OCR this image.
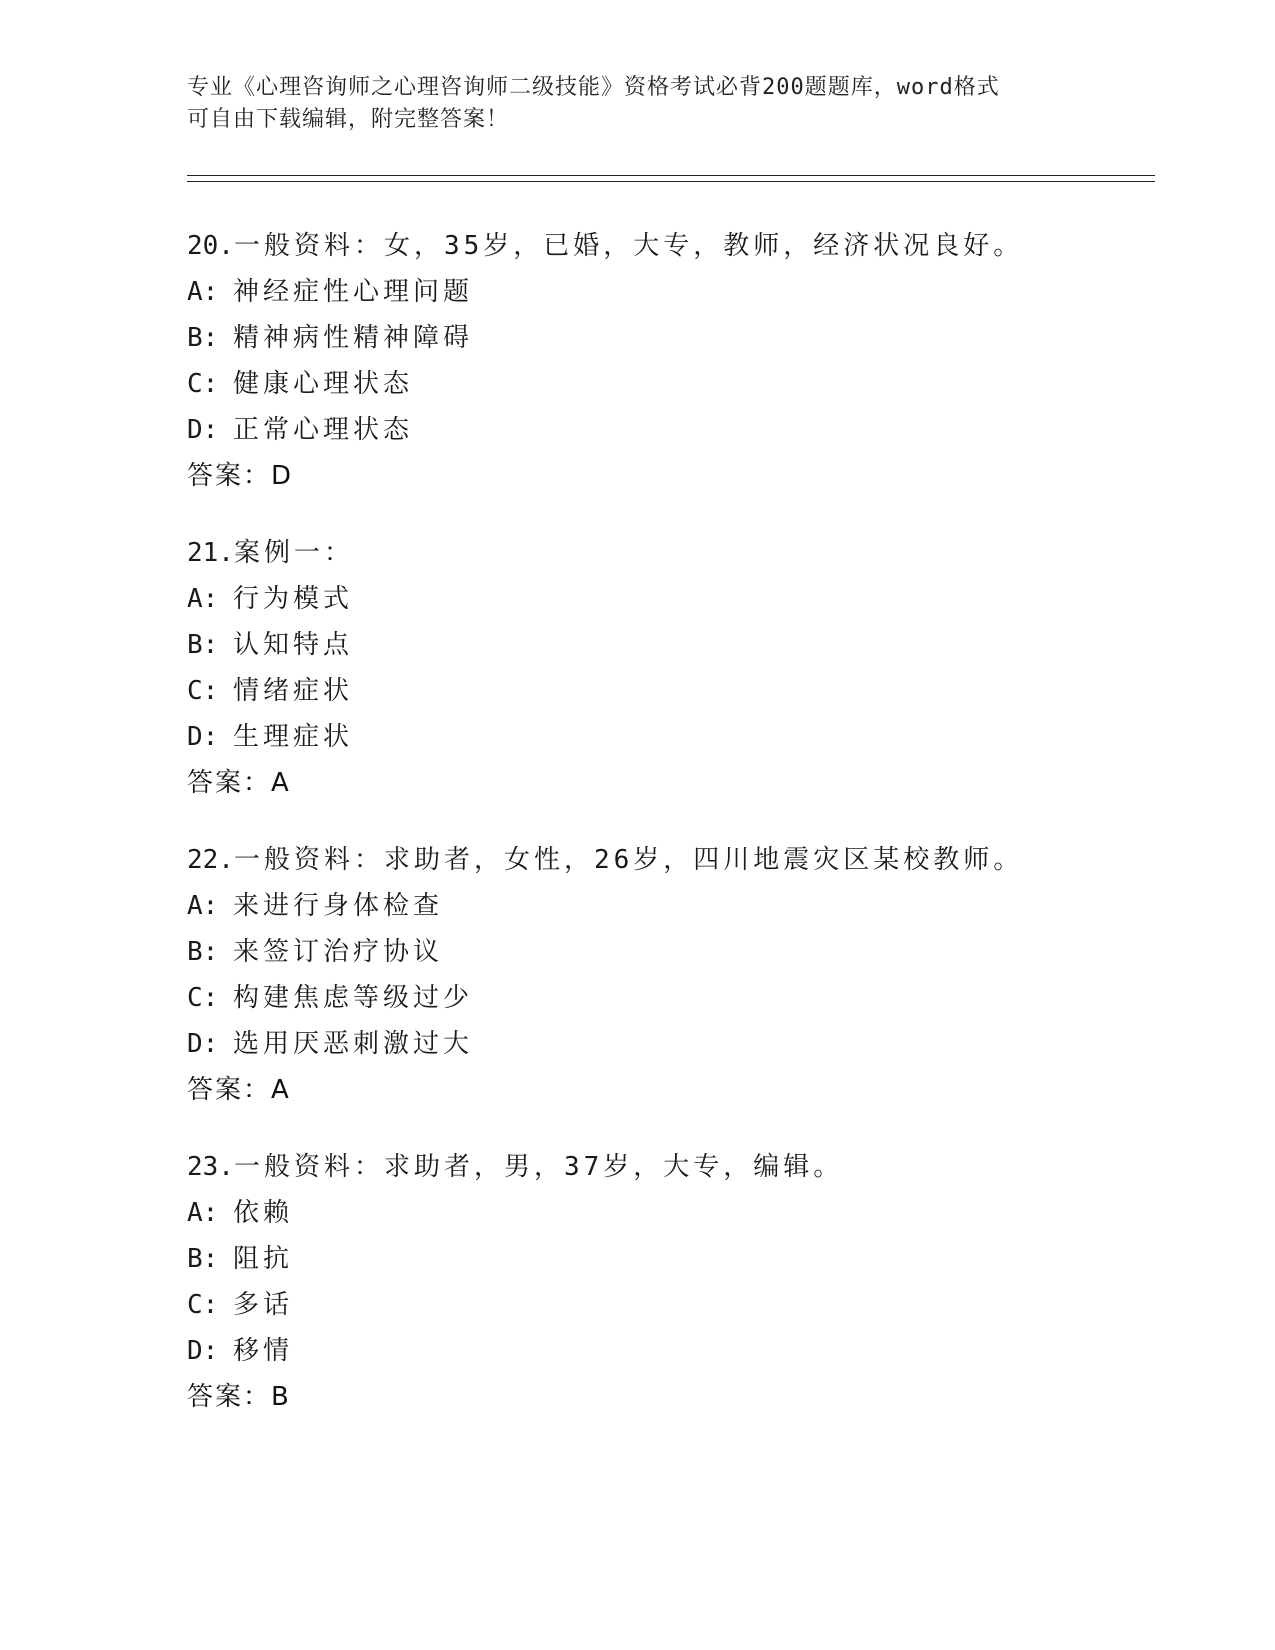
专业《心理咨询师之心理咨询师二级技能》资格考试必背200题题库，word格式
可自由下载编辑，附完整答案！
20.一般资料：女，35岁，已婚，大专，教师，经济状况良好。
A: 神经症性心理问题
B: 精神病性精神障碍
C: 健康心理状态
D: 正常心理状态
答案：D
21.案例一：
A: 行为模式
B: 认知特点
C: 情绪症状
D: 生理症状
答案：A
22.一般资料：求助者，女性，26岁，四川地震灾区某校教师。
A: 来进行身体检查
B: 来签订治疗协议
C: 构建焦虑等级过少
D: 选用厌恶刺激过大
答案：A
23.一般资料：求助者，男，37岁，大专，编辑。
A: 依赖
B: 阻抗
C: 多话
D: 移情
答案：B
